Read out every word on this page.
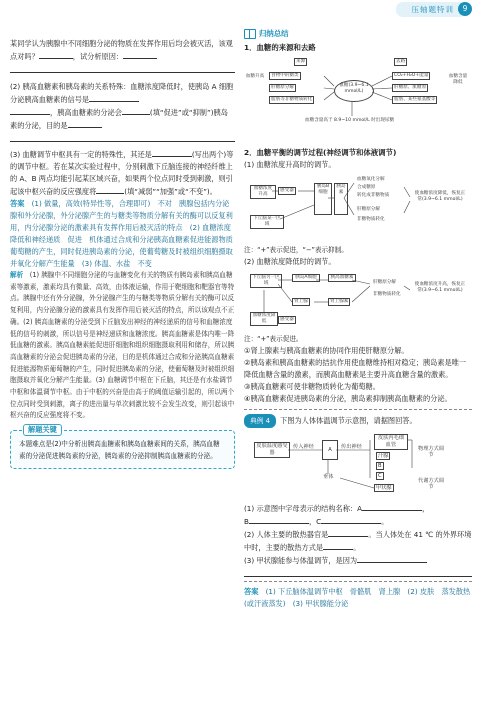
压轴题特训	9

某同学认为胰腺中不同细胞分泌的物质在发挥作用后均会被灭活，该观点对吗？	，试分析原因：

(2) 胰高血糖素和胰岛素的关系特殊：血糖浓度降低时，使胰岛 A 细胞分泌胰高血糖素的信号是

，胰高血糖素的分泌会	(填“促进”或“抑制”)胰岛素的分泌，目的是

(3) 血糖调节中枢具有一定的特殊性，其还是	(写出两个)等的调节中枢。若在某次实验过程中，分别刺激下丘脑连接的神经纤维上的 A、B 两点均能引起某区域兴奋，如果两个位点同时受到刺激，则引起该中枢兴奋的反应强度将	(填“减弱”“加强”或“不变”)。

答案　 (1) 做量，高效(特异性等，合理即可)　不对　胰腺包括内分泌腺和外分泌腺，外分泌腺产生的与糖类等物质分解有关的酶可以反复利用，内分泌腺分泌的激素具有发挥作用后被灭活的特点　(2) 血糖浓度降低和神经递质　促进　机体通过合成和分泌胰高血糖素促进能源物质葡萄糖的产生，同时促进胰岛素的分泌，使葡萄糖及时被组织细胞摄取并氧化分解产生能量　(3) 体温、水盐　不变

解析　 (1) 胰腺中不同细胞分泌的与血糖变化有关的物质有胰岛素和胰高血糖素等激素，激素均具有微量、高效，由体液运输，作用于靶细胞和靶器官等特点。胰腺中还有外分泌腺，外分泌腺产生的与糖类等物质分解有关的酶可以反复利用，内分泌腺分泌的激素具有发挥作用后被灭活的特点，所以该观点不正确。(2) 胰高血糖素的分泌受到下丘脑发出神经的神经递质的信号和血糖浓度低的信号的刺激，所以信号是神经递质和血糖浓度。胰高血糖素是体内唯一降低血糖的激素。胰高血糖素能促进肝细胞和组织细胞摄取利用和储存，所以胰高血糖素的分泌会促进胰岛素的分泌，目的是机体通过合成和分泌胰高血糖素促进能源物质葡萄糖的产生，同时促进胰岛素的分泌，使葡萄糖及时被组织细胞摄取并氧化分解产生能量。(3) 血糖调节中枢在下丘脑，其还是有水盐调节中枢和体温调节中枢。由于中枢的兴奋是由高于的阈值运输引起的，所以两个位点同时受到刺激，离子的进出量与单次刺激比较不会发生改变，则引起该中枢兴奋的反应强度将不变。

解题关键

本题难点是(2)中分析出胰高血糖素和胰岛血糖素间的关系，胰高血糖素的分泌促进胰岛素的分泌，胰岛素的分泌抑制胰高血糖素的分泌。

归纳总结

1．血糖的来源和去路

来源	去路
血糖升高	食物中的糖类
肝糖原分解
脂肪等非糖物质转化
血糖(3.9~6.1 mmol/L)
CO₂+H₂O+能量
肝糖原、肌糖原
脂肪、某些氨基酸等
血糖含量降低
血糖含量高于 8.9~10 mmol/L 时出现尿糖

2．血糖平衡的调节过程(神经调节和体液调节)

(1) 血糖浓度升高时的调节。

血糖浓度升高
感受器
下丘脑某一区域
胰岛B细胞
胰岛素
血糖氧化分解
合成糖原
转化成非糖物质
肝糖原分解
非糖物质转化
使血糖浓度降低，恢复正常(3.9~6.1 mmol/L)

注：“+”表示促进，“−”表示抑制。

(2) 血糖浓度降低时的调节。

下丘脑另一区域
胰岛A细胞	胰高血糖素
肾上腺	肾上腺素
血糖浓度降低	感受器
肝糖原分解
非糖物质转化
使血糖浓度升高，恢复正常(3.9~6.1 mmol/L)

注：“+”表示促进。

①肾上腺素与胰高血糖素的协同作用使肝糖原分解。

②胰岛素和胰高血糖素的拮抗作用使血糖维持相对稳定；胰岛素是唯一降低血糖含量的激素，而胰高血糖素是主要升高血糖含量的激素。

③胰高血糖素可使非糖物质转化为葡萄糖。

④胰高血糖素促进胰岛素的分泌，胰岛素抑制胰高血糖素的分泌。

典例 4 下图为人体体温调节示意图，请据图回答。

皮肤温度感受器
传入神经	A	传出神经
垂体
皮肤内毛细血管
汗腺
B
C
甲状腺
物理方式调节
代谢方式调节

(1) 示意图中字母表示的结构名称：A	，

B	，C	。

(2) 人体主要的散热器官是	。当人体处在 41 ℃ 的外界环境中时，主要的散热方式是	。

(3) 甲状腺能参与体温调节，是因为

答案　 (1) 下丘脑体温调节中枢　骨骼肌　肾上腺　(2) 皮肤　蒸发散热(或汗液蒸发)　(3) 甲状腺能分泌
